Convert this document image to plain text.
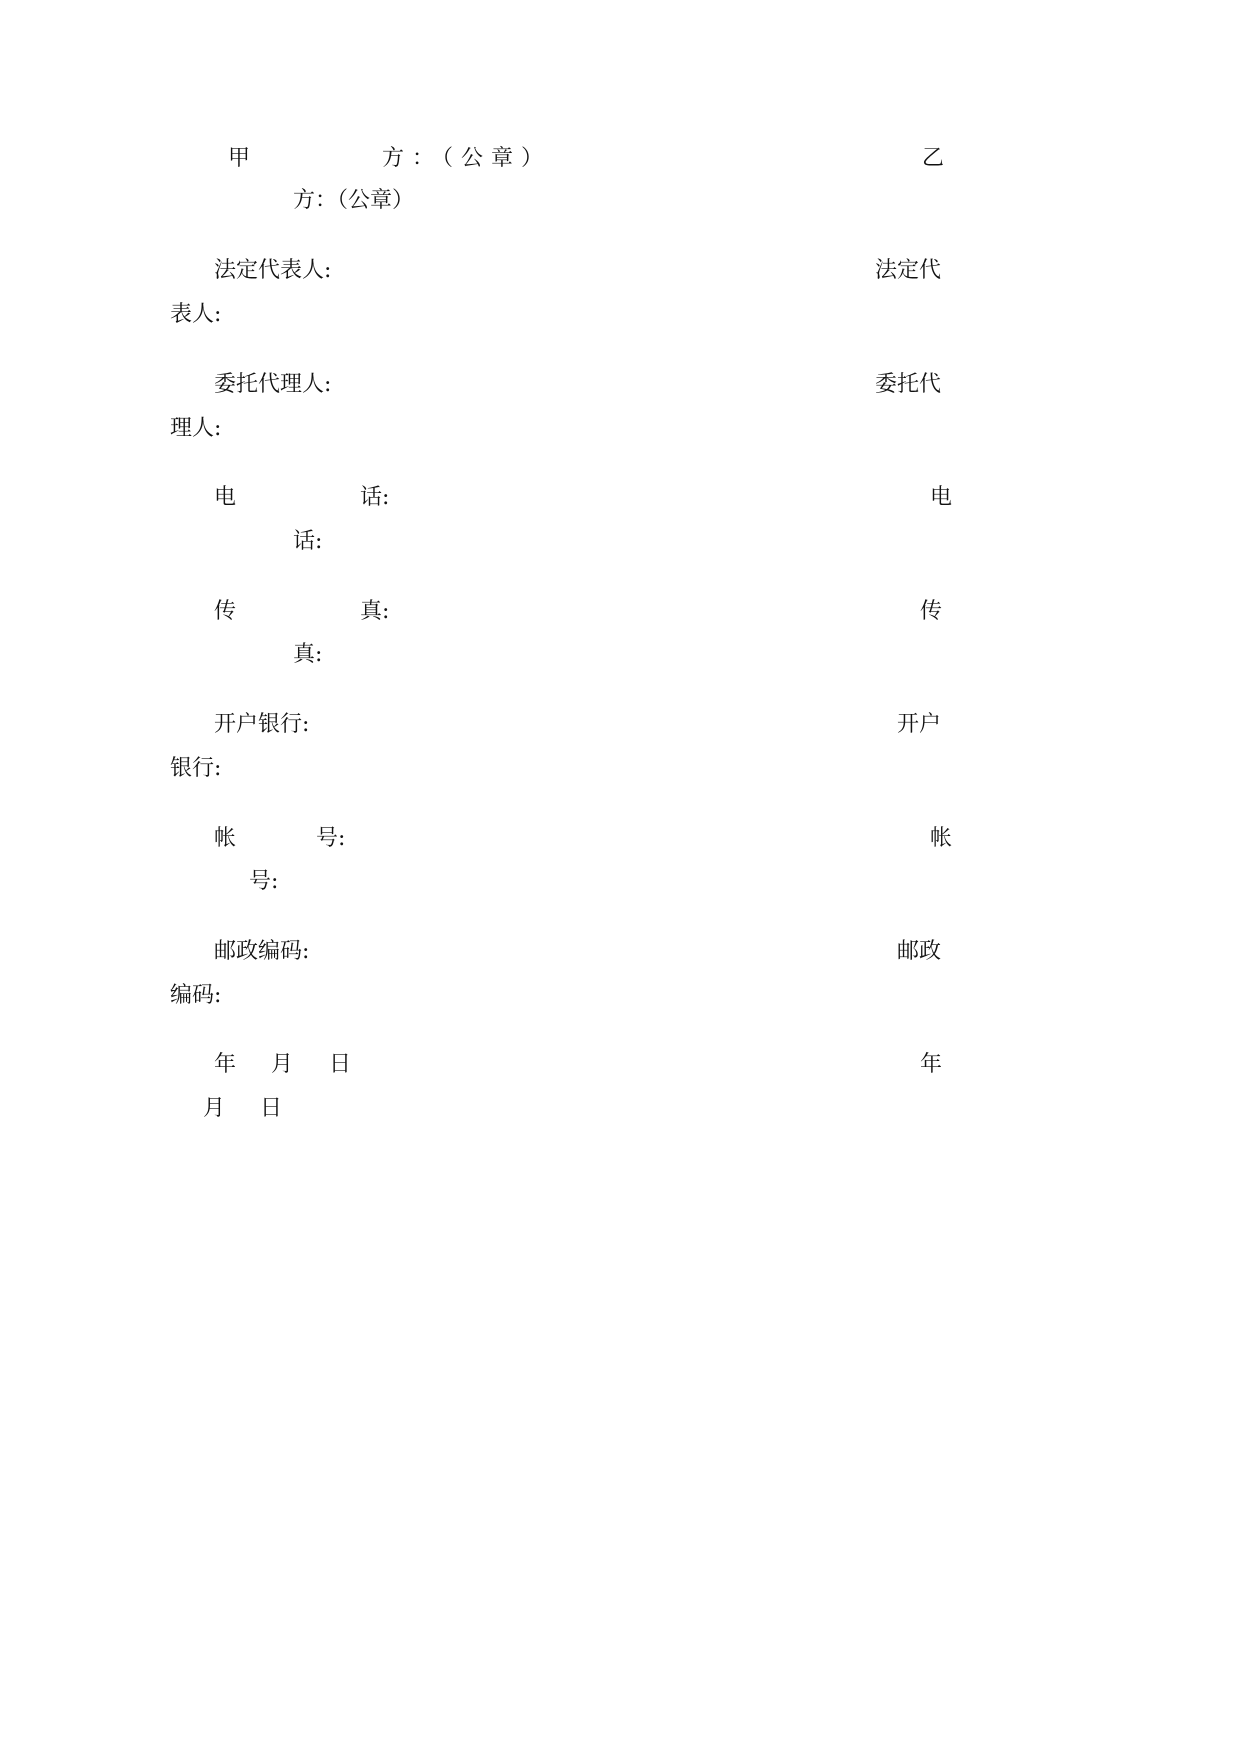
甲	方：（公章）	乙
方：（公章）
法定代表人:	法定代
表人:
委托代理人:	委托代
理人:
电	话:	电
话:
传	真:	传
真:
开户银行:	开户
银行:
帐	号:	帐
号:
邮政编码:	邮政
编码:
年 月 日	年
月 日
